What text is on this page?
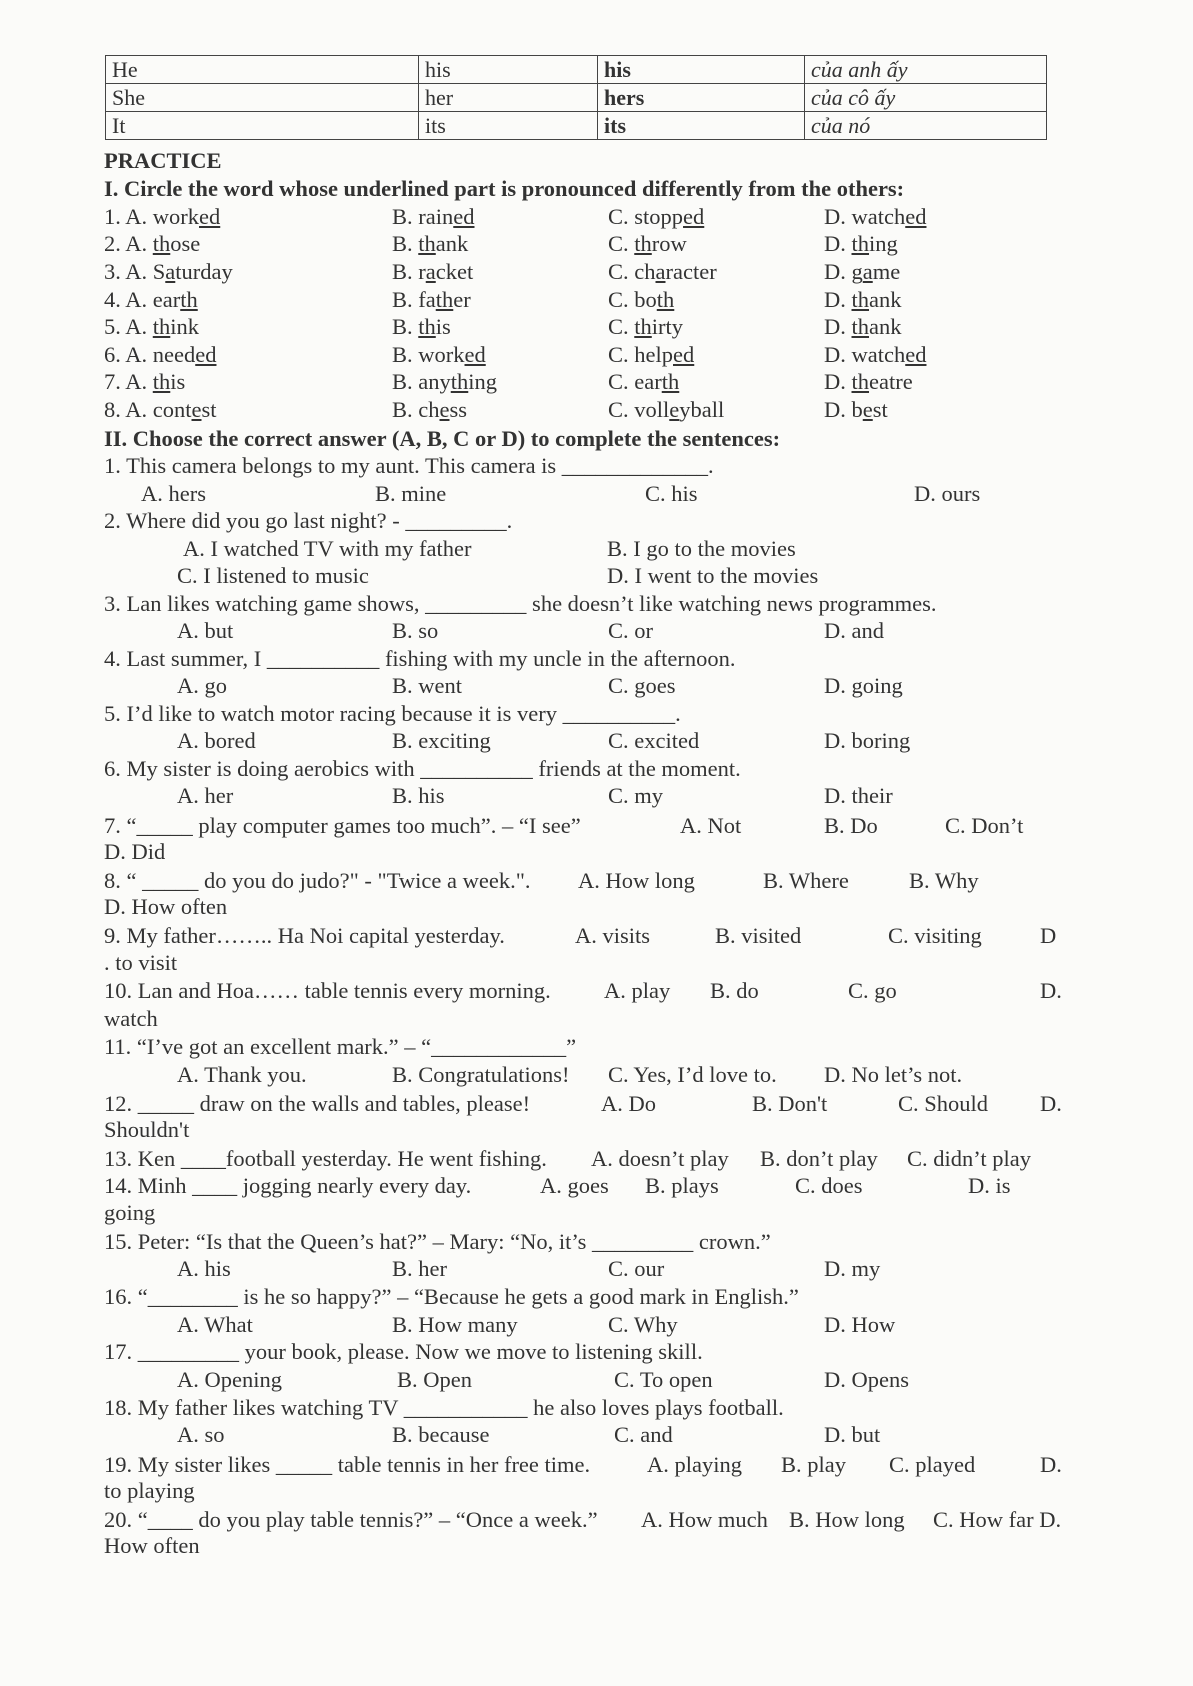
He	his	his	của anh ấy
She	her	hers	của cô ấy
It	its	its	của nó
PRACTICE
I. Circle the word whose underlined part is pronounced differently from the others:
1. A. worked	B. rained	C. stopped	D. watched
2. A. those	B. thank	C. throw	D. thing
3. A. Saturday	B. racket	C. character	D. game
4. A. earth	B. father	C. both	D. thank
5. A. think	B. this	C. thirty	D. thank
6. A. needed	B. worked	C. helped	D. watched
7. A. this	B. anything	C. earth	D. theatre
8. A. contest	B. chess	C. volleyball	D. best
II. Choose the correct answer (A, B, C or D) to complete the sentences:
1. This camera belongs to my aunt. This camera is _____________.
A. hers	B. mine	C. his	D. ours
2. Where did you go last night? - _________.
A. I watched TV with my father	B. I go to the movies
C. I listened to music	D. I went to the movies
3. Lan likes watching game shows, _________ she doesn’t like watching news programmes.
A. but	B. so	C. or	D. and
4. Last summer, I __________ fishing with my uncle in the afternoon.
A. go	B. went	C. goes	D. going
5. I’d like to watch motor racing because it is very __________.
A. bored	B. exciting	C. excited	D. boring
6. My sister is doing aerobics with __________ friends at the moment.
A. her	B. his	C. my	D. their
7. “_____ play computer games too much”. – “I see”	A. Not	B. Do	C. Don’t
D. Did
8. “ _____ do you do judo?" - "Twice a week.". A. How long	B. Where	B. Why
D. How often
9. My father…….. Ha Noi capital yesterday.	A. visits	B. visited	C. visiting	D
. to visit
10. Lan and Hoa…… table tennis every morning. A. play B. do	C. go	D.
watch
11. “I’ve got an excellent mark.” – “____________”
A. Thank you.	B. Congratulations! C. Yes, I’d love to. D. No let’s not.
12. _____ draw on the walls and tables, please!	A. Do	B. Don't	C. Should D.
Shouldn't
13. Ken ____football yesterday. He went fishing. A. doesn’t play B. don’t play C. didn’t play
14. Minh ____ jogging nearly every day.	A. goes B. plays	C. does	D. is
going
15. Peter: “Is that the Queen’s hat?” – Mary: “No, it’s _________ crown.”
A. his	B. her	C. our	D. my
16. “________ is he so happy?” – “Because he gets a good mark in English.”
A. What	B. How many	C. Why	D. How
17. _________ your book, please. Now we move to listening skill.
A. Opening	B. Open	C. To open	D. Opens
18. My father likes watching TV ___________ he also loves plays football.
A. so	B. because	C. and	D. but
19. My sister likes _____ table tennis in her free time.	A. playing B. play C. played	D.
to playing
20. “____ do you play table tennis?” – “Once a week.” A. How much B. How long C. How far D.
How often
